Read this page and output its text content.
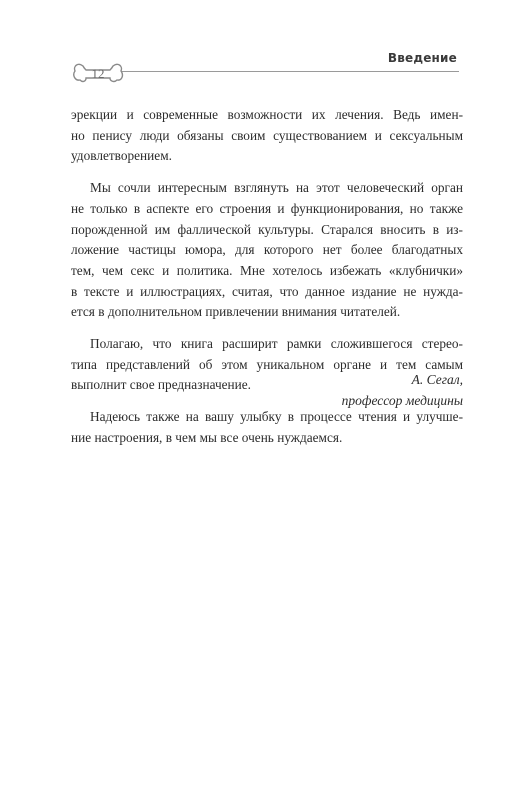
Введение
12
эрекции и современные возможности их лечения. Ведь имен-
но пенису люди обязаны своим существованием и сексуальным
удовлетворением.
Мы сочли интересным взглянуть на этот человеческий орган
не только в аспекте его строения и функционирования, но также
порожденной им фаллической культуры. Старался вносить в из-
ложение частицы юмора, для которого нет более благодатных
тем, чем секс и политика. Мне хотелось избежать «клубнички»
в тексте и иллюстрациях, считая, что данное издание не нужда-
ется в дополнительном привлечении внимания читателей.
Полагаю, что книга расширит рамки сложившегося стерео-
типа представлений об этом уникальном органе и тем самым
выполнит свое предназначение.
Надеюсь также на вашу улыбку в процессе чтения и улучше-
ние настроения, в чем мы все очень нуждаемся.
А. Сегал,
профессор медицины
